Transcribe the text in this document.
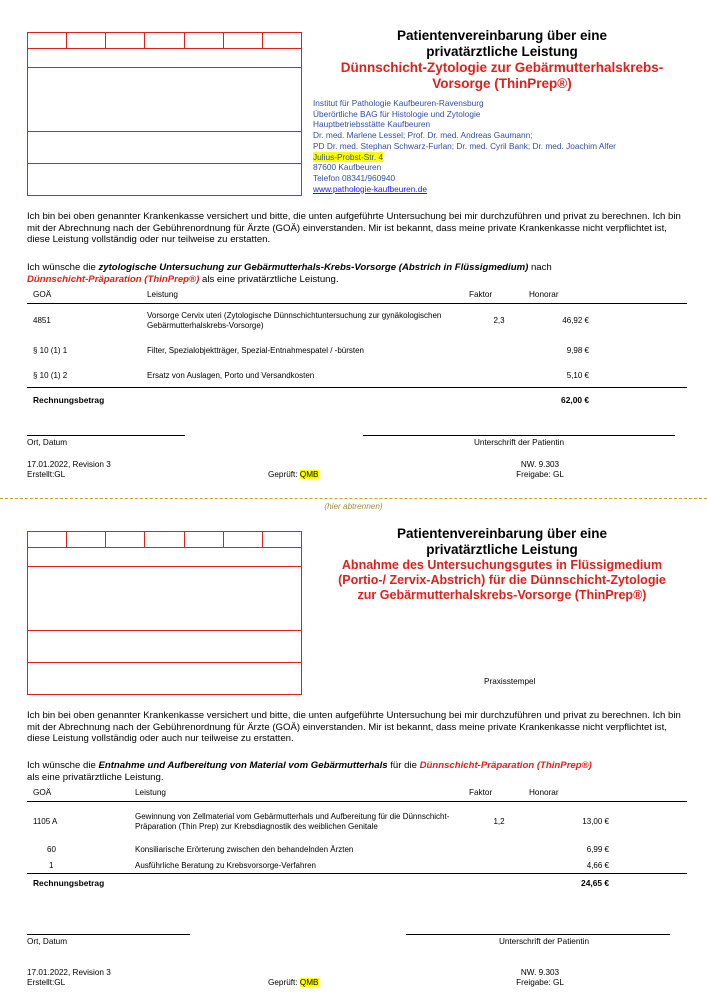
Patientenvereinbarung über eine
privatärztliche Leistung
Dünnschicht-Zytologie zur Gebärmutterhalskrebs-
Vorsorge (ThinPrep®)
Institut für Pathologie Kaufbeuren-Ravensburg
Überörtliche BAG für Histologie und Zytologie
Hauptbetriebsstätte Kaufbeuren
Dr. med. Marlene Lessel; Prof. Dr. med. Andreas Gaumann;
PD Dr. med. Stephan Schwarz-Furlan; Dr. med. Cyril Bank; Dr. med. Joachim Alfer
Julius-Probst-Str. 4
87600 Kaufbeuren
Telefon 08341/960940
www.pathologie-kaufbeuren.de
Ich bin bei oben genannter Krankenkasse versichert und bitte, die unten aufgeführte Untersuchung bei mir durchzuführen und privat zu berechnen. Ich bin mit der Abrechnung nach der Gebührenordnung für Ärzte (GOÄ) einverstanden. Mir ist bekannt, dass meine private Krankenkasse nicht verpflichtet ist, diese Leistung vollständig oder nur teilweise zu erstatten.
Ich wünsche die zytologische Untersuchung zur Gebärmutterhals-Krebs-Vorsorge (Abstrich in Flüssigmedium) nach
Dünnschicht-Präparation (ThinPrep®) als eine privatärztliche Leistung.
GOÄ	Leistung	Faktor	Honorar	
4851	Vorsorge Cervix uteri (Zytologische Dünnschichtuntersuchung zur gynäkologischen Gebärmutterhalskrebs-Vorsorge)	2,3	46,92 €	
§ 10 (1) 1	Filter, Spezialobjektträger, Spezial-Entnahmespatel / -bürsten		9,98 €	
§ 10 (1) 2	Ersatz von Auslagen, Porto und Versandkosten		5,10 €	
Rechnungsbetrag			62,00 €	
Ort, Datum	Unterschrift der Patientin
17.01.2022, Revision 3
Erstellt:GL	Geprüft: QMB
NW. 9.303
Freigabe: GL
(hier abtrennen)
Patientenvereinbarung über eine
privatärztliche Leistung
Abnahme des Untersuchungsgutes in Flüssigmedium
(Portio-/ Zervix-Abstrich) für die Dünnschicht-Zytologie
zur Gebärmutterhalskrebs-Vorsorge (ThinPrep®)
Praxisstempel
Ich bin bei oben genannter Krankenkasse versichert und bitte, die unten aufgeführte Untersuchung bei mir durchzuführen und privat zu berechnen. Ich bin mit der Abrechnung nach der Gebührenordnung für Ärzte (GOÄ) einverstanden. Mir ist bekannt, dass meine private Krankenkasse nicht verpflichtet ist, diese Leistung vollständig oder auch nur teilweise zu erstatten.
Ich wünsche die Entnahme und Aufbereitung von Material vom Gebärmutterhals für die Dünnschicht-Präparation (ThinPrep®)
als eine privatärztliche Leistung.
GOÄ	Leistung	Faktor	Honorar	
1105 A	Gewinnung von Zellmaterial vom Gebärmutterhals und Aufbereitung für die Dünnschicht-Präparation (Thin Prep) zur Krebsdiagnostik des weiblichen Genitale	1,2	13,00 €	
60	Konsiliarische Erörterung zwischen den behandelnden Ärzten		6,99 €	
1	Ausführliche Beratung zu Krebsvorsorge-Verfahren		4,66 €	
Rechnungsbetrag			24,65 €	
Ort, Datum	Unterschrift der Patientin
17.01.2022, Revision 3
Erstellt:GL	Geprüft: QMB
NW. 9.303
Freigabe: GL
